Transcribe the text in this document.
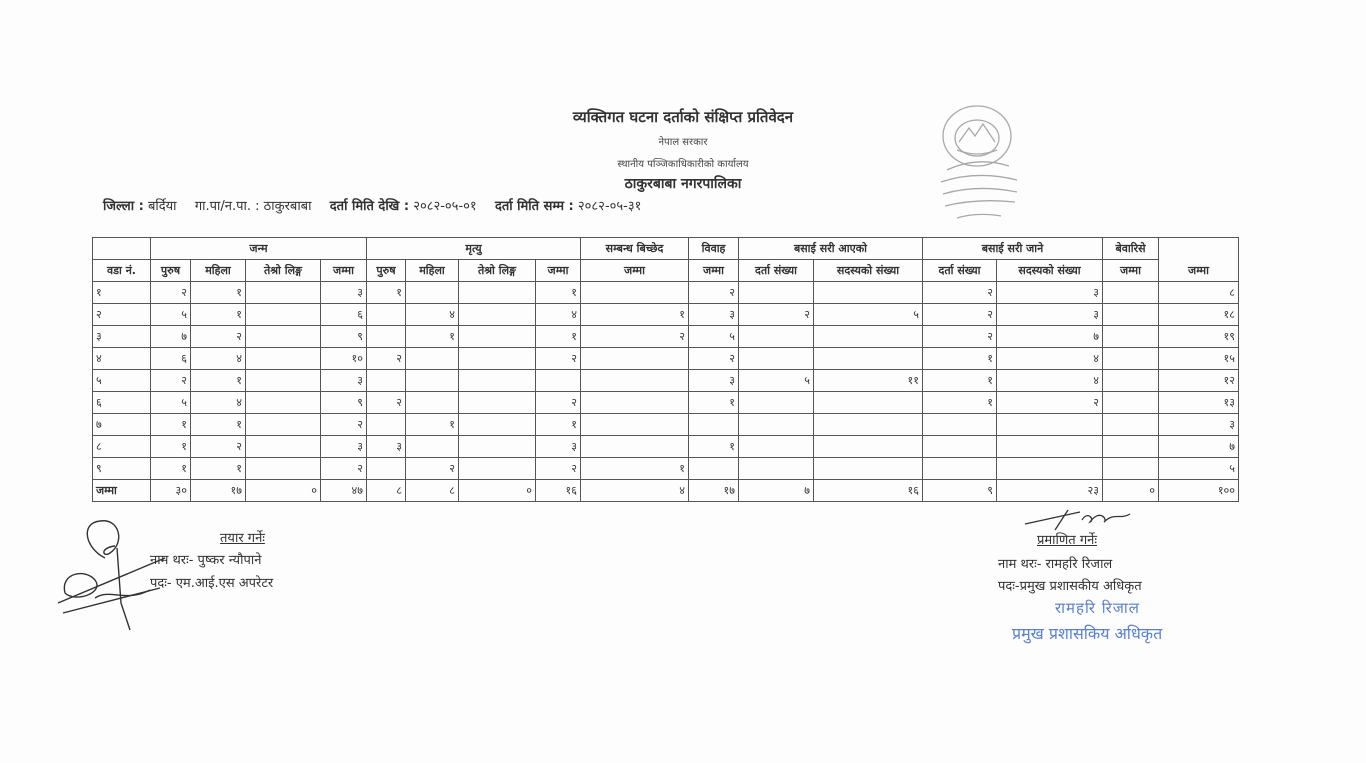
व्यक्तिगत घटना दर्ताको संक्षिप्त प्रतिवेदन
नेपाल सरकार
स्थानीय पञ्जिकाधिकारीको कार्यालय
ठाकुरबाबा नगरपालिका
जिल्ला : बर्दिया गा.पा/न.पा. : ठाकुरबाबा दर्ता मिति देखि : २०८२-०५-०१ दर्ता मिति सम्म : २०८२-०५-३१
	जन्म				मृत्यु				सम्बन्ध बिच्छेद	विवाह	बसाई सरी आएको		बसाई सरी जाने		बेवारिसे	जम्मा
वडा नं.	पुरुष	महिला	तेश्रो लिङ्ग	जम्मा	पुरुष	महिला	तेश्रो लिङ्ग	जम्मा	जम्मा	जम्मा	दर्ता संख्या	सदस्यको संख्या	दर्ता संख्या	सदस्यको संख्या	जम्मा	
१	२	१		३	१			१		२			२	३		८
२	५	१		६		४		४	१	३	२	५	२	३		१८
३	७	२		९		१		१	२	५			२	७		१९
४	६	४		१०	२			२		२			१	४		१५
५	२	१		३						३	५	११	१	४		१२
६	५	४		९	२			२		१			१	२		१३
७	१	१		२		१		१								३
८	१	२		३	३			३		१						७
९	१	१		२		२		२	१							५
जम्मा	३०	१७	०	४७	८	८	०	१६	४	१७	७	१६	९	२३	०	१००
तयार गर्नेः
नाम थरः- पुष्कर न्यौपाने
पदः- एम.आई.एस अपरेटर
प्रमाणित गर्नेः
नाम थरः- रामहरि रिजाल
पदः-प्रमुख प्रशासकीय अधिकृत
रामहरि रिजाल
प्रमुख प्रशासकिय अधिकृत
